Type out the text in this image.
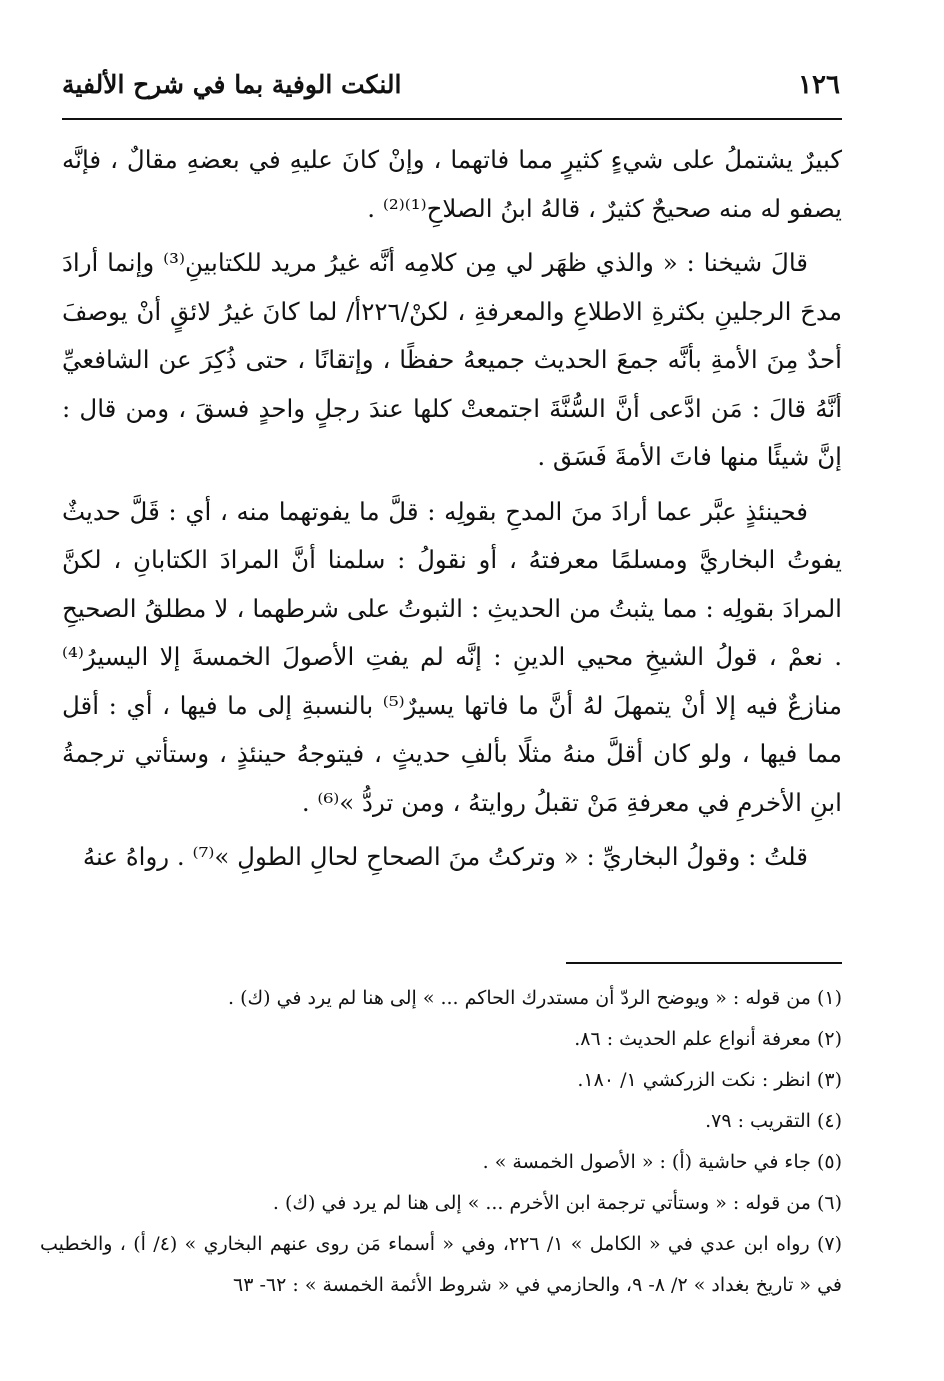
١٢٦
النكت الوفية بما في شرح الألفية

كبيرٌ يشتملُ على شيءٍ كثيرٍ مما فاتهما ، وإنْ كانَ عليهِ في بعضهِ مقالٌ ، فإنَّه يصفو له منه صحيحٌ كثيرٌ ، قالهُ ابنُ الصلاحِ⁽¹⁾⁽²⁾ .

قالَ شيخنا : « والذي ظهَر لي مِن كلامِه أنَّه غيرُ مريد للكتابينِ⁽³⁾ وإنما أرادَ مدحَ الرجلينِ بكثرةِ الاطلاعِ والمعرفةِ ، لكنْ/٢٢٦أ/ لما كانَ غيرُ لائقٍ أنْ يوصفَ أحدٌ مِنَ الأمةِ بأنَّه جمعَ الحديث جميعهُ حفظًا ، وإتقانًا ، حتى ذُكِرَ عن الشافعيِّ أنَّهُ قالَ : مَن ادَّعى أنَّ السُّنَّةَ اجتمعتْ كلها عندَ رجلٍ واحدٍ فسقَ ، ومن قال : إنَّ شيئًا منها فاتَ الأمةَ فَسَق .

فحينئذٍ عبَّر عما أرادَ منَ المدحِ بقولِه : قلَّ ما يفوتهما منه ، أي : قَلَّ حديثٌ يفوتُ البخاريَّ ومسلمًا معرفتهُ ، أو نقولُ : سلمنا أنَّ المرادَ الكتابانِ ، لكنَّ المرادَ بقولِه : مما يثبتُ من الحديثِ : الثبوتُ على شرطهما ، لا مطلقُ الصحيحِ . نعمْ ، قولُ الشيخِ محيي الدينِ : إنَّه لم يفتِ الأصولَ الخمسةَ إلا اليسيرُ⁽⁴⁾ منازعٌ فيه إلا أنْ يتمهلَ لهُ أنَّ ما فاتها يسيرٌ⁽⁵⁾ بالنسبةِ إلى ما فيها ، أي : أقل مما فيها ، ولو كان أقلَّ منهُ مثلًا بألفِ حديثٍ ، فيتوجهُ حينئذٍ ، وستأتي ترجمةُ ابنِ الأخرمِ في معرفةِ مَنْ تقبلُ روايتهُ ، ومن تردُّ »⁽⁶⁾ .

قلتُ : وقولُ البخاريِّ : « وتركتُ منَ الصحاحِ لحالِ الطولِ »⁽⁷⁾ . رواهُ عنهُ

(١) من قوله : « ويوضح الردّ أن مستدرك الحاكم ... » إلى هنا لم يرد في (ك) .
(٢) معرفة أنواع علم الحديث : ٨٦.
(٣) انظر : نكت الزركشي ١/ ١٨٠.
(٤) التقريب : ٧٩.
(٥) جاء في حاشية (أ) : « الأصول الخمسة » .
(٦) من قوله : « وستأتي ترجمة ابن الأخرم ... » إلى هنا لم يرد في (ك) .
(٧) رواه ابن عدي في « الكامل » ١/ ٢٢٦، وفي « أسماء مَن روى عنهم البخاري » (٤/ أ) ، والخطيب في « تاريخ بغداد » ٢/ ٨- ٩، والحازمي في « شروط الأئمة الخمسة » : ٦٢- ٦٣
